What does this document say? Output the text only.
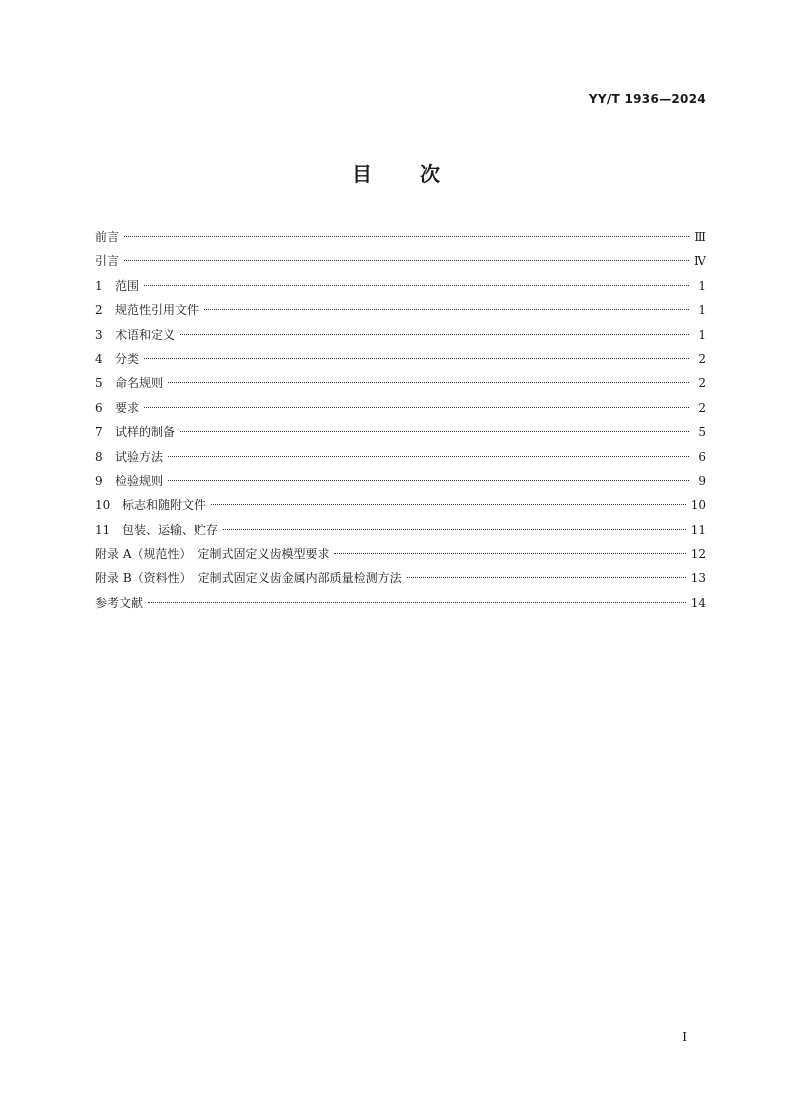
YY/T 1936—2024
目 次
前言	Ⅲ
引言	Ⅳ
1	范围	1
2	规范性引用文件	1
3	术语和定义	1
4	分类	2
5	命名规则	2
6	要求	2
7	试样的制备	5
8	试验方法	6
9	检验规则	9
10 标志和随附文件	10
11 包装、运输、贮存	11
附录 A（规范性）　定制式固定义齿模型要求	12
附录 B（资料性）　定制式固定义齿金属内部质量检测方法	13
参考文献	14
Ⅰ
